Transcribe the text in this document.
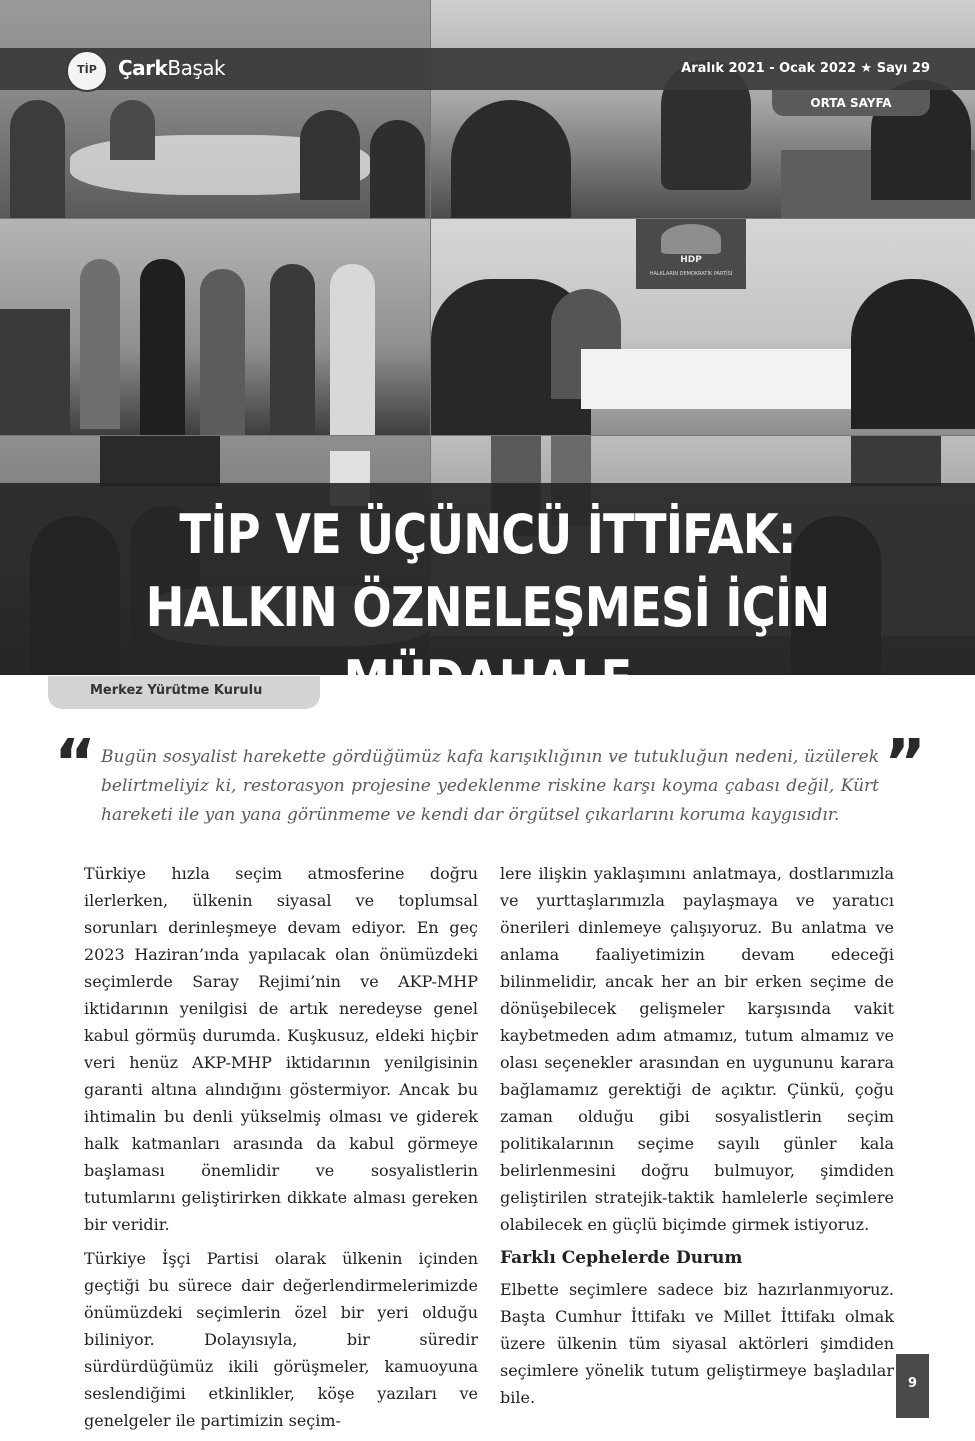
HDP
HALKLARIN DEMOKRATİK PARTİSİ
TİP	ÇarkBaşak	Aralık 2021 - Ocak 2022 ★ Sayı 29
ORTA SAYFA
TİP VE ÜÇÜNCÜ İTTİFAK:
HALKIN ÖZNELEŞMESİ İÇİN MÜDAHALE
Merkez Yürütme Kurulu
“	”
Bugün sosyalist harekette gördüğümüz kafa karışıklığının ve tutukluğun nedeni, üzülerek belirtmeliyiz ki, restorasyon projesine yedeklenme riskine karşı koyma çabası değil, Kürt hareketi ile yan yana görünmeme ve kendi dar örgütsel çıkarlarını koruma kaygısıdır.

Türkiye hızla seçim atmosferine doğru ilerlerken, ülkenin siyasal ve toplumsal sorunları derinleşmeye devam ediyor. En geç 2023 Haziran’ında yapılacak olan önümüzdeki seçimlerde Saray Rejimi’nin ve AKP-MHP iktidarının yenilgisi de artık neredeyse genel kabul görmüş durumda. Kuşkusuz, eldeki hiçbir veri henüz AKP-MHP iktidarının yenilgisinin garanti altına alındığını göstermiyor. Ancak bu ihtimalin bu denli yükselmiş olması ve giderek halk katmanları arasında da kabul görmeye başlaması önemlidir ve sosyalistlerin tutumlarını geliştirirken dikkate alması gereken bir veridir.

Türkiye İşçi Partisi olarak ülkenin içinden geçtiği bu sürece dair değerlendirmelerimizde önümüzdeki seçimlerin özel bir yeri olduğu biliniyor. Dolayısıyla, bir süredir sürdürdüğümüz ikili görüşmeler, kamuoyuna seslendiğimi etkinlikler, köşe yazıları ve genelgeler ile partimizin seçim-

lere ilişkin yaklaşımını anlatmaya, dostlarımızla ve yurttaşlarımızla paylaşmaya ve yaratıcı önerileri dinlemeye çalışıyoruz. Bu anlatma ve anlama faaliyetimizin devam edeceği bilinmelidir, ancak her an bir erken seçime de dönüşebilecek gelişmeler karşısında vakit kaybetmeden adım atmamız, tutum almamız ve olası seçenekler arasından en uygununu karara bağlamamız gerektiği de açıktır. Çünkü, çoğu zaman olduğu gibi sosyalistlerin seçim politikalarının seçime sayılı günler kala belirlenmesini doğru bulmuyor, şimdiden geliştirilen stratejik-taktik hamlelerle seçimlere olabilecek en güçlü biçimde girmek istiyoruz.

Farklı Cephelerde Durum

Elbette seçimlere sadece biz hazırlanmıyoruz. Başta Cumhur İttifakı ve Millet İttifakı olmak üzere ülkenin tüm siyasal aktörleri şimdiden seçimlere yönelik tutum geliştirmeye başladılar bile.

9
